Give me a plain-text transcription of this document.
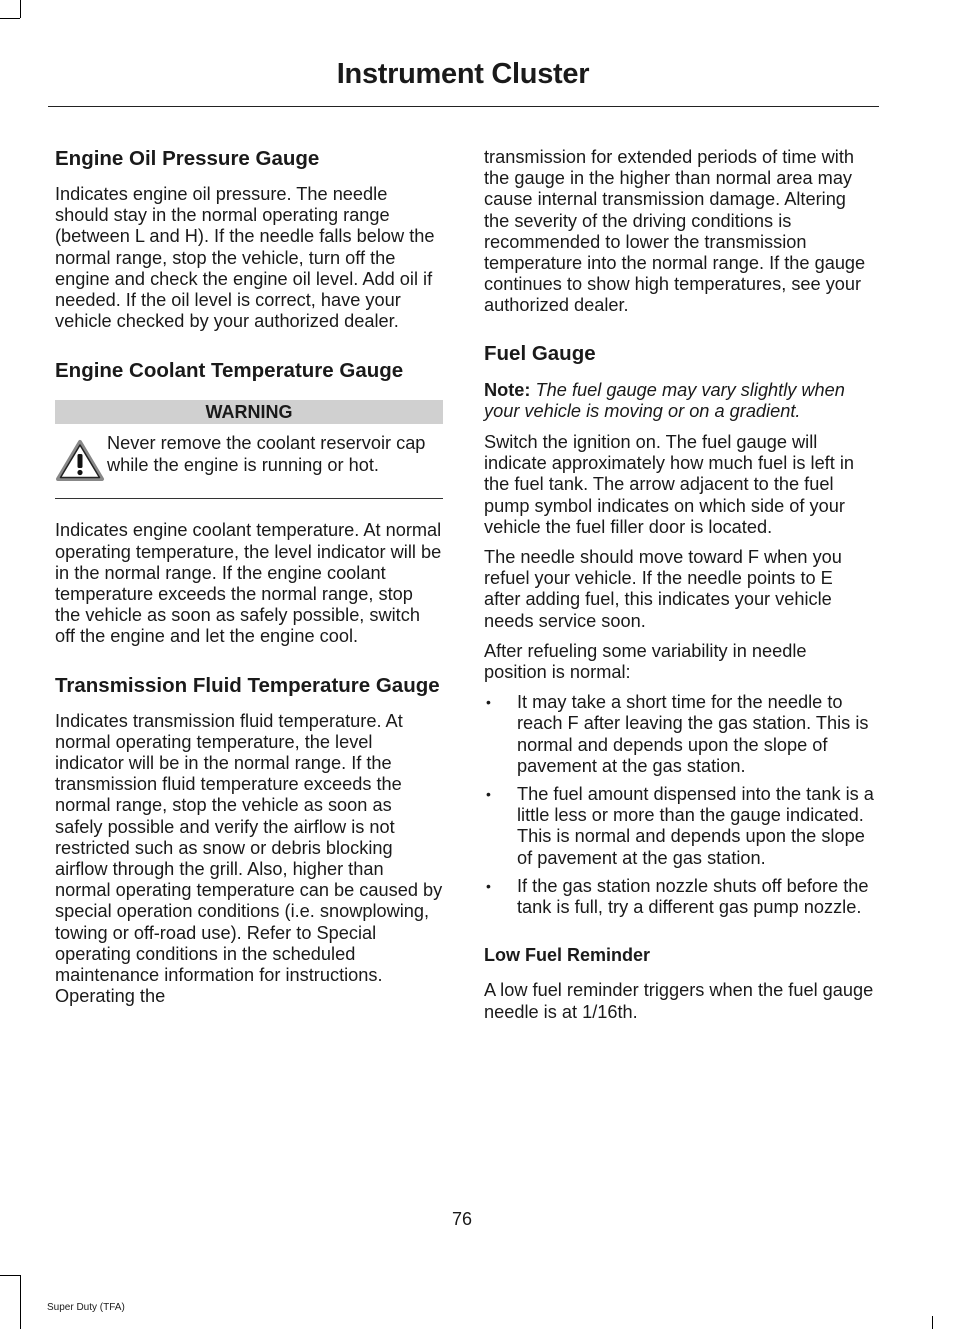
Instrument Cluster
Engine Oil Pressure Gauge

Indicates engine oil pressure. The needle should stay in the normal operating range (between L and H). If the needle falls below the normal range, stop the vehicle, turn off the engine and check the engine oil level. Add oil if needed. If the oil level is correct, have your vehicle checked by your authorized dealer.

Engine Coolant Temperature Gauge
WARNING

Never remove the coolant reservoir cap while the engine is running or hot.

Indicates engine coolant temperature. At normal operating temperature, the level indicator will be in the normal range. If the engine coolant temperature exceeds the normal range, stop the vehicle as soon as safely possible, switch off the engine and let the engine cool.

Transmission Fluid Temperature Gauge

Indicates transmission fluid temperature. At normal operating temperature, the level indicator will be in the normal range. If the transmission fluid temperature exceeds the normal range, stop the vehicle as soon as safely possible and verify the airflow is not restricted such as snow or debris blocking airflow through the grill. Also, higher than normal operating temperature can be caused by special operation conditions (i.e. snowplowing, towing or off-road use). Refer to Special operating conditions in the scheduled maintenance information for instructions. Operating the

transmission for extended periods of time with the gauge in the higher than normal area may cause internal transmission damage. Altering the severity of the driving conditions is recommended to lower the transmission temperature into the normal range. If the gauge continues to show high temperatures, see your authorized dealer.

Fuel Gauge

Note: The fuel gauge may vary slightly when your vehicle is moving or on a gradient.

Switch the ignition on. The fuel gauge will indicate approximately how much fuel is left in the fuel tank. The arrow adjacent to the fuel pump symbol indicates on which side of your vehicle the fuel filler door is located.

The needle should move toward F when you refuel your vehicle. If the needle points to E after adding fuel, this indicates your vehicle needs service soon.

After refueling some variability in needle position is normal:

• It may take a short time for the needle to reach F after leaving the gas station. This is normal and depends upon the slope of pavement at the gas station.
• The fuel amount dispensed into the tank is a little less or more than the gauge indicated. This is normal and depends upon the slope of pavement at the gas station.
• If the gas station nozzle shuts off before the tank is full, try a different gas pump nozzle.
Low Fuel Reminder

A low fuel reminder triggers when the fuel gauge needle is at 1/16th.

76
Super Duty (TFA)
